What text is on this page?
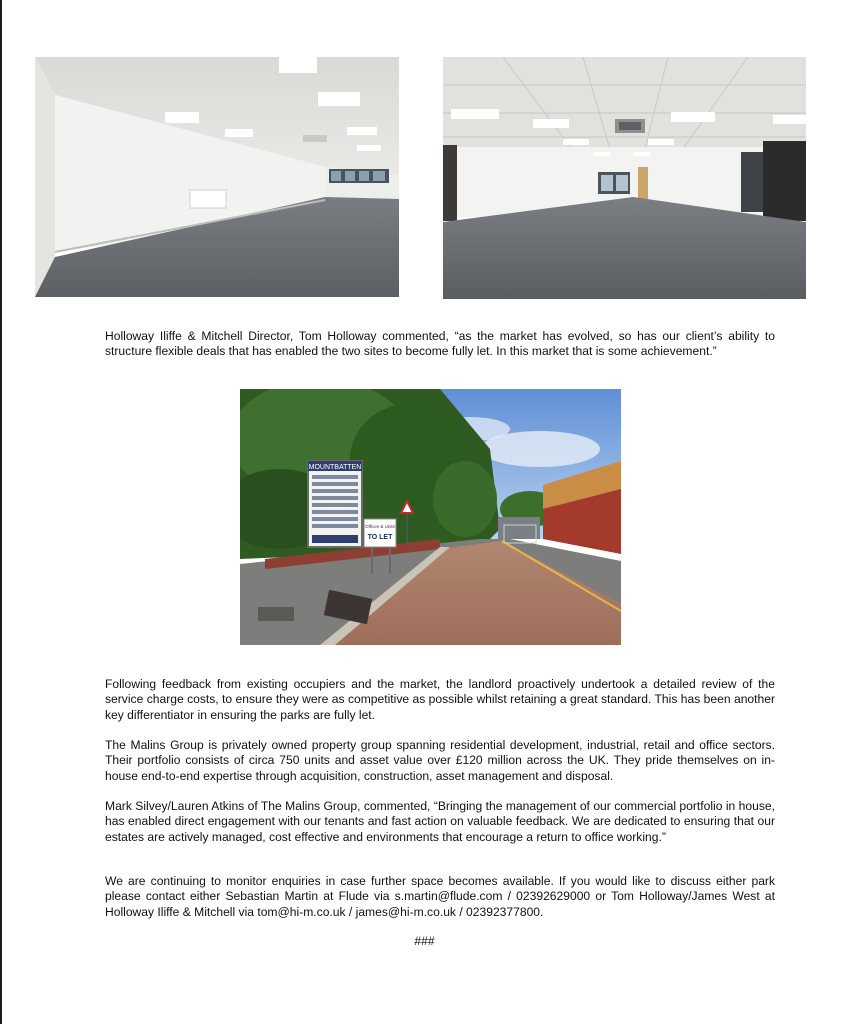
Holloway Iliffe & Mitchell Director, Tom Holloway commented, “as the market has evolved, so has our client’s ability to structure flexible deals that has enabled the two sites to become fully let. In this market that is some achievement.”

MOUNTBATTEN
Offices & Units
TO LET

Following feedback from existing occupiers and the market, the landlord proactively undertook a detailed review of the service charge costs, to ensure they were as competitive as possible whilst retaining a great standard. This has been another key differentiator in ensuring the parks are fully let.

The Malins Group is privately owned property group spanning residential development, industrial, retail and office sectors. Their portfolio consists of circa 750 units and asset value over £120 million across the UK. They pride themselves on in-house end-to-end expertise through acquisition, construction, asset management and disposal.

Mark Silvey/Lauren Atkins of The Malins Group, commented, “Bringing the management of our commercial portfolio in house, has enabled direct engagement with our tenants and fast action on valuable feedback. We are dedicated to ensuring that our estates are actively managed, cost effective and environments that encourage a return to office working.”

We are continuing to monitor enquiries in case further space becomes available. If you would like to discuss either park please contact either Sebastian Martin at Flude via s.martin@flude.com / 02392629000 or Tom Holloway/James West at Holloway Iliffe & Mitchell via tom@hi-m.co.uk / james@hi-m.co.uk / 02392377800.

###
